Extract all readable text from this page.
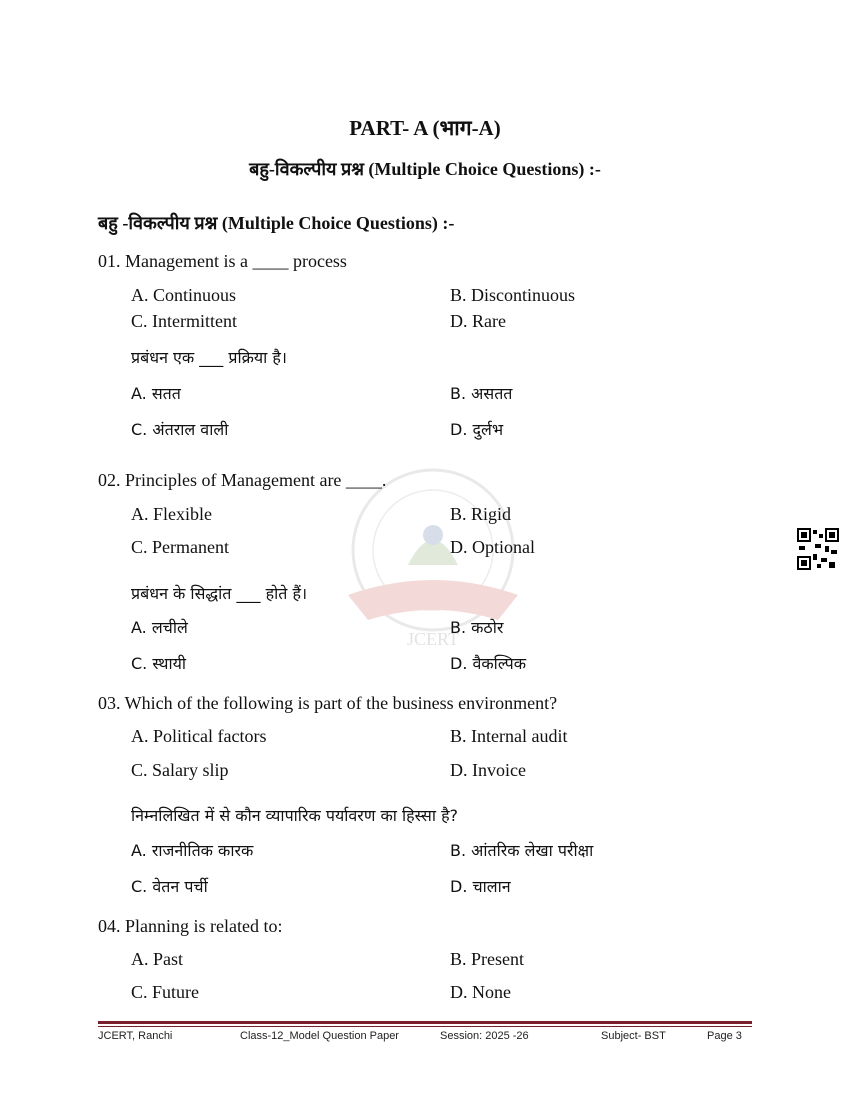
PART- A (भाग-A)
बहु-विकल्पीय प्रश्न (Multiple Choice Questions) :-
बहु -विकल्पीय प्रश्न (Multiple Choice Questions) :-
JCERT
01. Management is a ____ process
A. Continuous	B. Discontinuous
C. Intermittent	D. Rare
प्रबंधन एक ___ प्रक्रिया है।
A. सतत	B. असतत
C. अंतराल वाली	D. दुर्लभ
02. Principles of Management are ____.
A. Flexible	B. Rigid
C. Permanent	D. Optional
प्रबंधन के सिद्धांत ___ होते हैं।
A. लचीले	B. कठोर
C. स्थायी	D. वैकल्पिक
03. Which of the following is part of the business environment?
A. Political factors	B. Internal audit
C. Salary slip	D. Invoice
निम्नलिखित में से कौन व्यापारिक पर्यावरण का हिस्सा है?
A. राजनीतिक कारक	B. आंतरिक लेखा परीक्षा
C. वेतन पर्ची	D. चालान
04. Planning is related to:
A. Past	B. Present
C. Future	D. None
JCERT, Ranchi	Class-12_Model Question Paper	Session: 2025 -26	Subject- BST	Page 3
